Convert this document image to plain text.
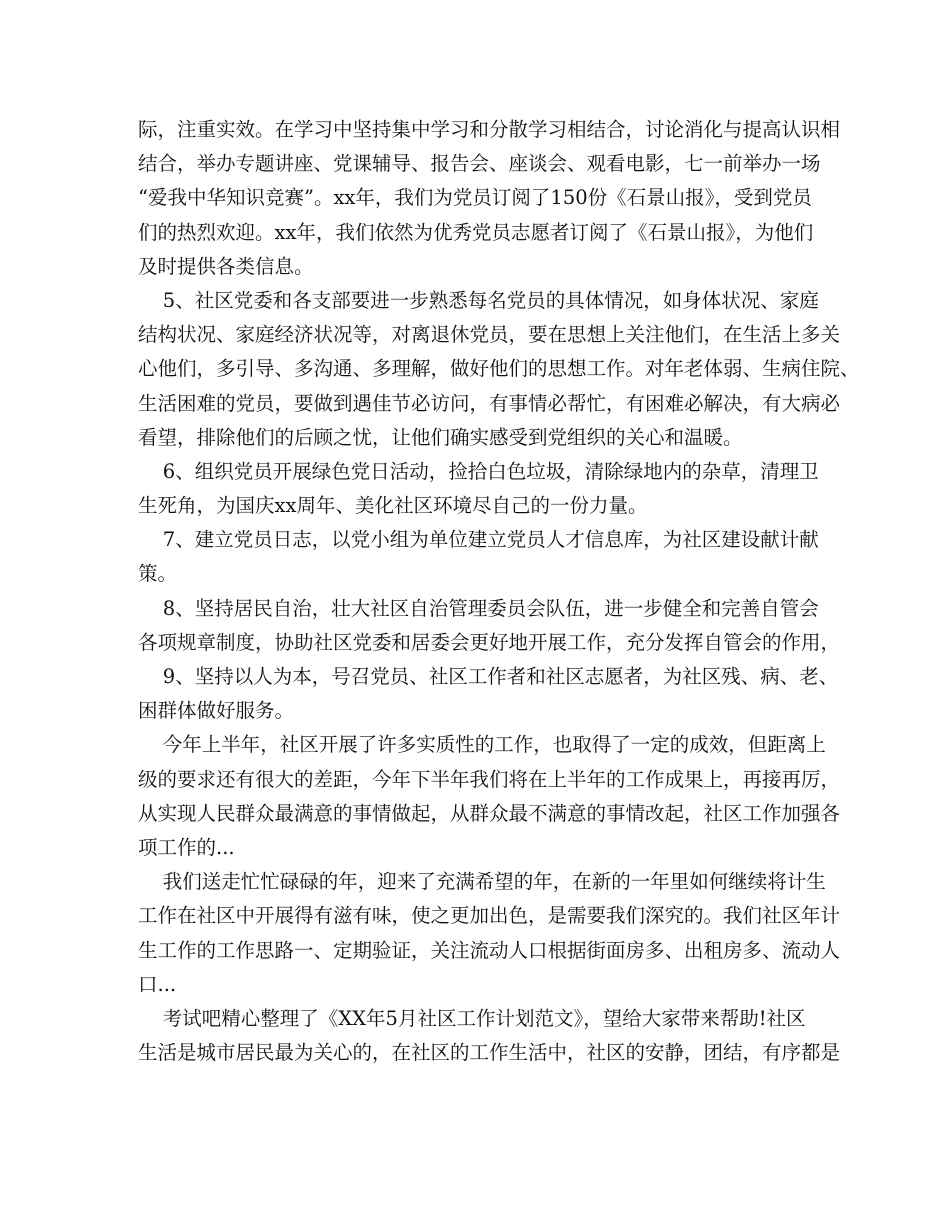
际，注重实效。在学习中坚持集中学习和分散学习相结合，讨论消化与提高认识相
结合，举办专题讲座、党课辅导、报告会、座谈会、观看电影，七一前举办一场
“爱我中华知识竞赛”。xx年，我们为党员订阅了150份《石景山报》，受到党员
们的热烈欢迎。xx年，我们依然为优秀党员志愿者订阅了《石景山报》，为他们
及时提供各类信息。
5、社区党委和各支部要进一步熟悉每名党员的具体情况，如身体状况、家庭
结构状况、家庭经济状况等，对离退休党员，要在思想上关注他们，在生活上多关
心他们，多引导、多沟通、多理解，做好他们的思想工作。对年老体弱、生病住院、
生活困难的党员，要做到遇佳节必访问，有事情必帮忙，有困难必解决，有大病必
看望，排除他们的后顾之忧，让他们确实感受到党组织的关心和温暖。
6、组织党员开展绿色党日活动，捡拾白色垃圾，清除绿地内的杂草，清理卫
生死角，为国庆xx周年、美化社区环境尽自己的一份力量。
7、建立党员日志，以党小组为单位建立党员人才信息库，为社区建设献计献
策。
8、坚持居民自治，壮大社区自治管理委员会队伍，进一步健全和完善自管会
各项规章制度，协助社区党委和居委会更好地开展工作，充分发挥自管会的作用，
9、坚持以人为本，号召党员、社区工作者和社区志愿者，为社区残、病、老、
困群体做好服务。
今年上半年，社区开展了许多实质性的工作，也取得了一定的成效，但距离上
级的要求还有很大的差距，今年下半年我们将在上半年的工作成果上，再接再厉，
从实现人民群众最满意的事情做起，从群众最不满意的事情改起，社区工作加强各
项工作的...
我们送走忙忙碌碌的年，迎来了充满希望的年，在新的一年里如何继续将计生
工作在社区中开展得有滋有味，使之更加出色，是需要我们深究的。我们社区年计
生工作的工作思路一、定期验证，关注流动人口根据街面房多、出租房多、流动人
口...
考试吧精心整理了《XX年5月社区工作计划范文》，望给大家带来帮助!社区
生活是城市居民最为关心的，在社区的工作生活中，社区的安静，团结，有序都是
